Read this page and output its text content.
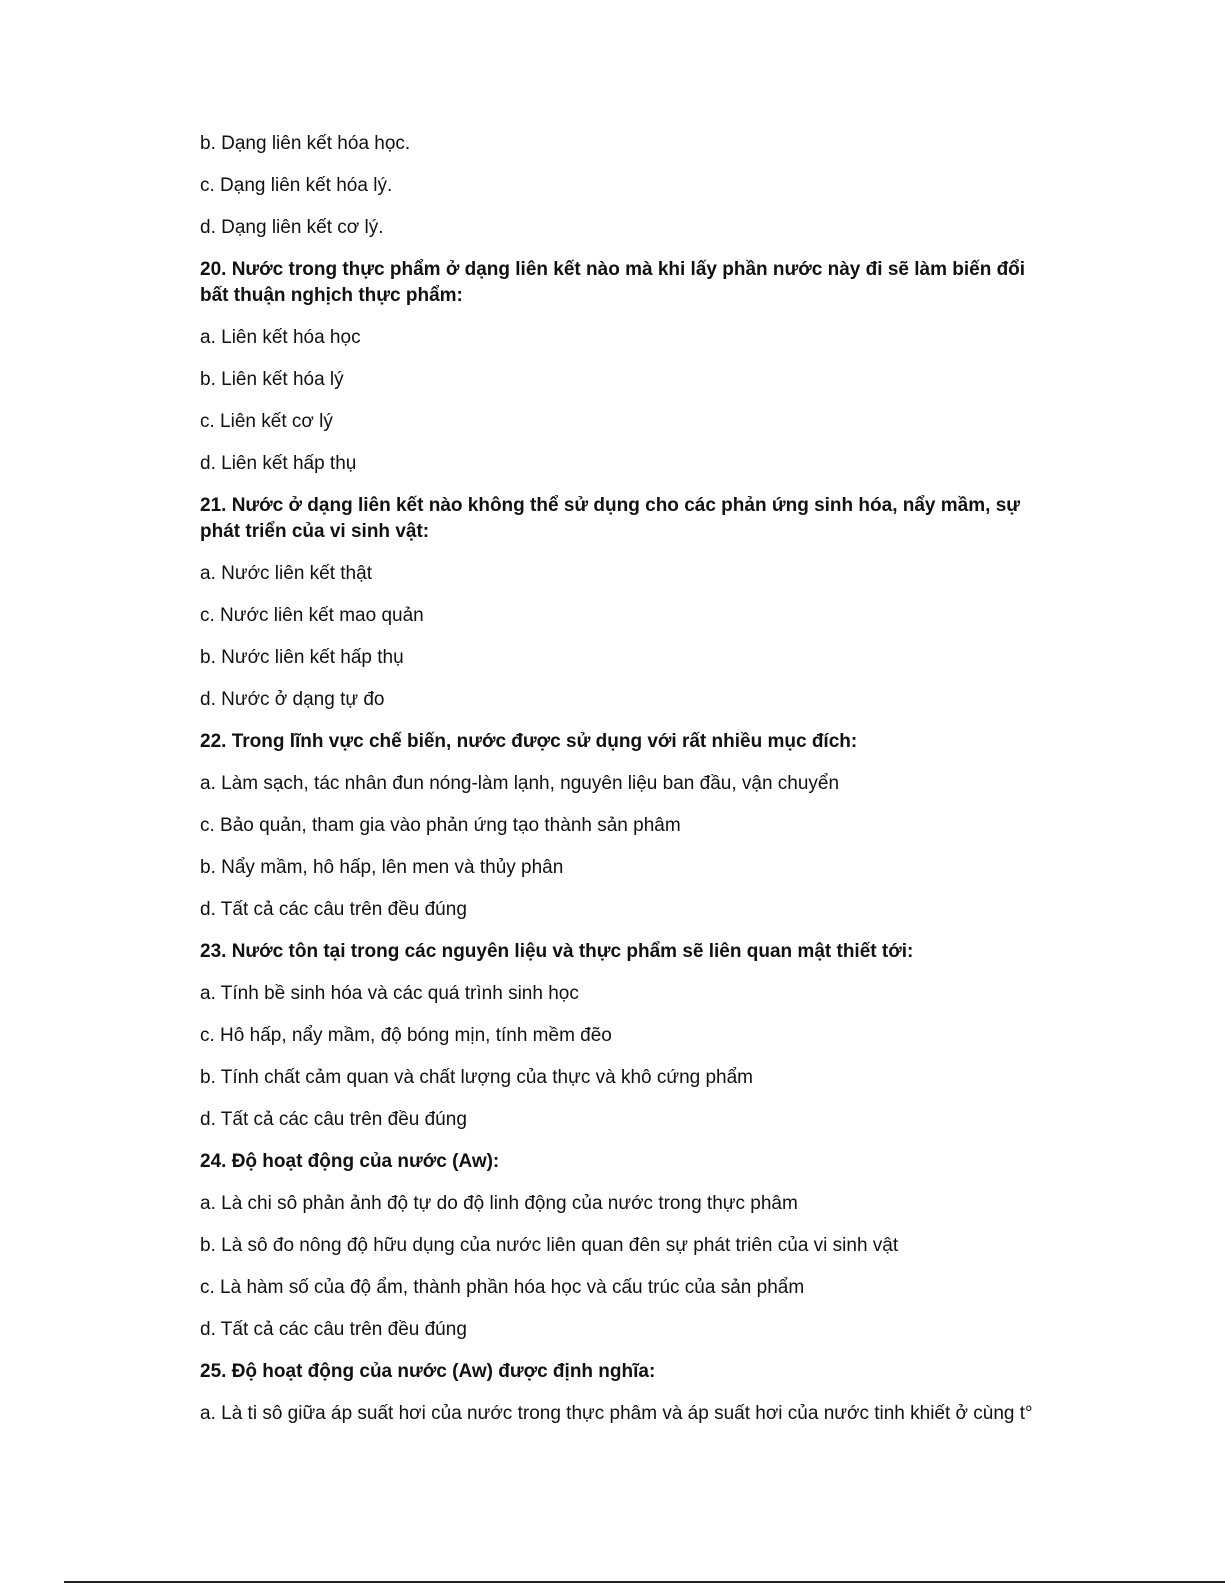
b. Dạng liên kết hóa học.

c. Dạng liên kết hóa lý.

d. Dạng liên kết cơ lý.

20. Nước trong thực phẩm ở dạng liên kết nào mà khi lấy phần nước này đi sẽ làm biến đổi bất thuận nghịch thực phẩm:

a. Liên kết hóa học

b. Liên kết hóa lý

c. Liên kết cơ lý

d. Liên kết hấp thụ

21. Nước ở dạng liên kết nào không thể sử dụng cho các phản ứng sinh hóa, nẩy mầm, sự phát triển của vi sinh vật:

a. Nước liên kết thật

c. Nước liên kết mao quản

b. Nước liên kết hấp thụ

d. Nước ở dạng tự đo

22. Trong lĩnh vực chế biến, nước được sử dụng với rất nhiều mục đích:

a. Làm sạch, tác nhân đun nóng-làm lạnh, nguyên liệu ban đầu, vận chuyển

c. Bảo quản, tham gia vào phản ứng tạo thành sản phâm

b. Nẩy mầm, hô hấp, lên men và thủy phân

d. Tất cả các câu trên đều đúng

23. Nước tôn tại trong các nguyên liệu và thực phẩm sẽ liên quan mật thiết tới:

a. Tính bề sinh hóa và các quá trình sinh học

c. Hô hấp, nẩy mầm, độ bóng mịn, tính mềm đẽo

b. Tính chất cảm quan và chất lượng của thực và khô cứng phẩm

d. Tất cả các câu trên đều đúng

24. Độ hoạt động của nước (Aw):

a. Là chi sô phản ảnh độ tự do độ linh động của nước trong thực phâm

b. Là sô đo nông độ hữu dụng của nước liên quan đên sự phát triên của vi sinh vật

c. Là hàm số của độ ẩm, thành phần hóa học và cấu trúc của sản phẩm

d. Tất cả các câu trên đều đúng

25. Độ hoạt động của nước (Aw) được định nghĩa:

a. Là ti sô giữa áp suất hơi của nước trong thực phâm và áp suất hơi của nước tinh khiết ở cùng t°
